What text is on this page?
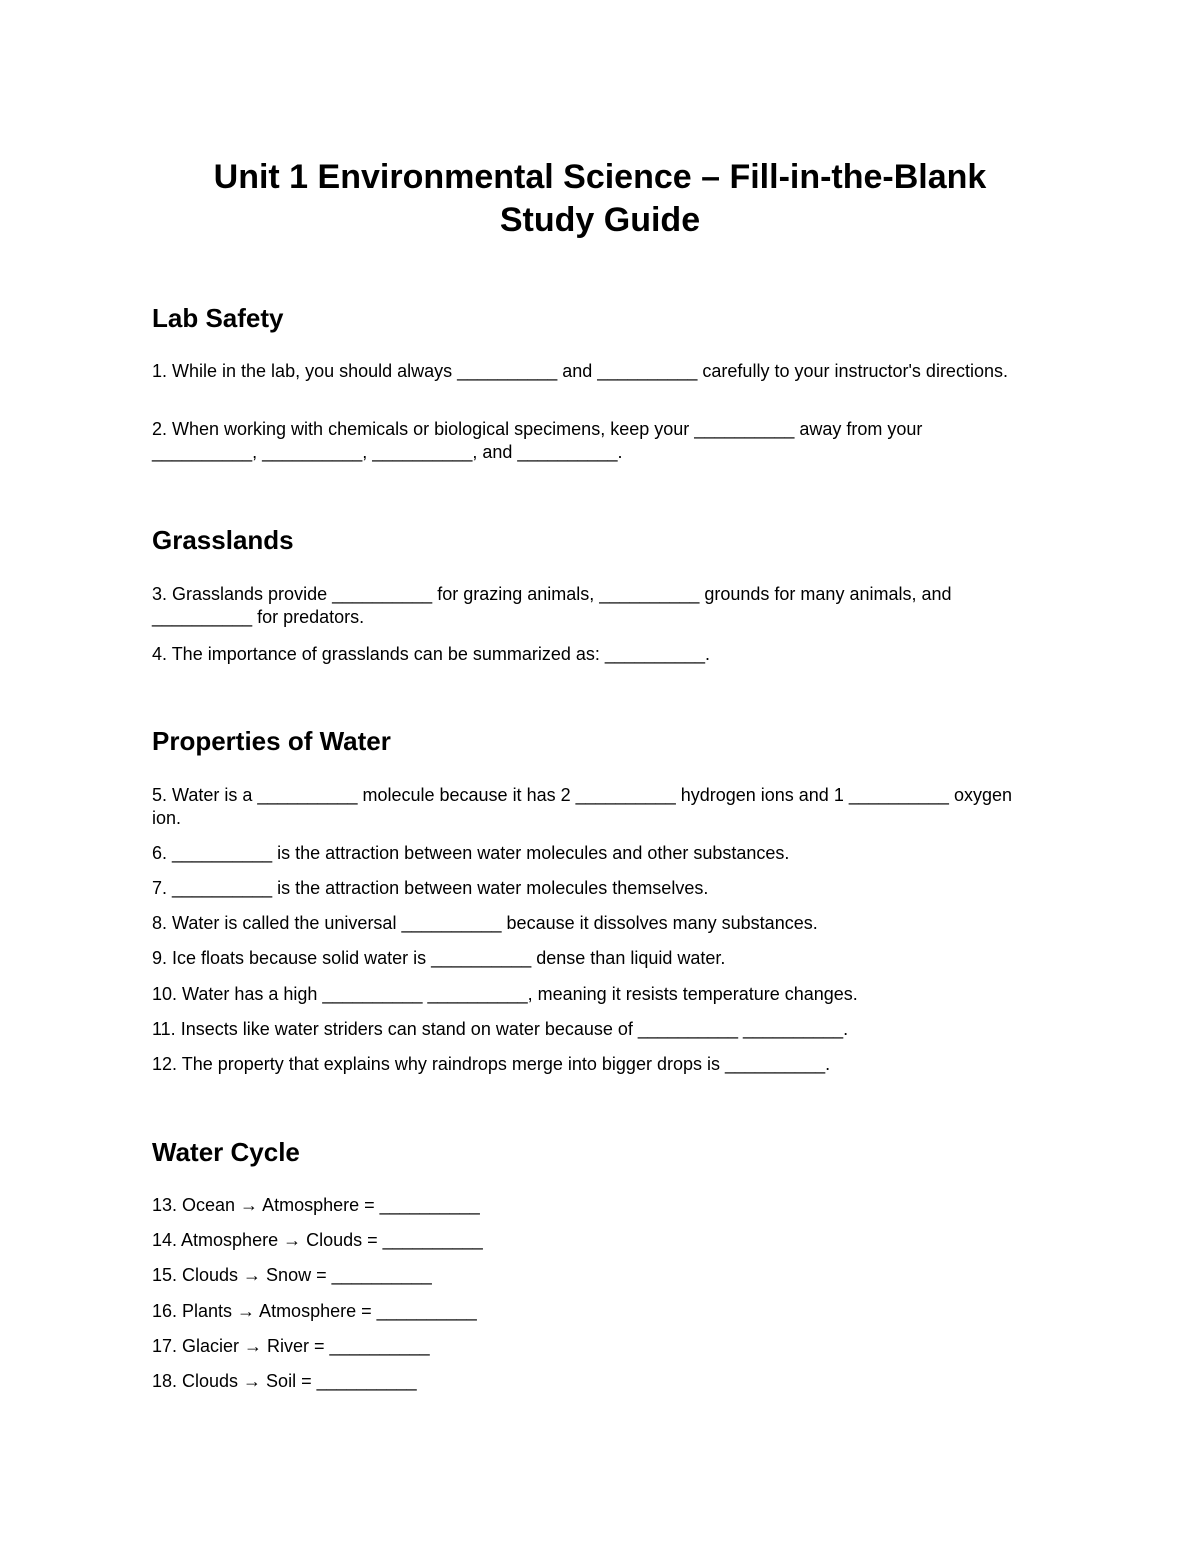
Unit 1 Environmental Science – Fill-in-the-Blank
Study Guide
Lab Safety

1. While in the lab, you should always __________ and __________ carefully to your instructor's directions.

2. When working with chemicals or biological specimens, keep your __________ away from your __________, __________, __________, and __________.

Grasslands

3. Grasslands provide __________ for grazing animals, __________ grounds for many animals, and __________ for predators.

4. The importance of grasslands can be summarized as: __________.

Properties of Water

5. Water is a __________ molecule because it has 2 __________ hydrogen ions and 1 __________ oxygen ion.

6. __________ is the attraction between water molecules and other substances.

7. __________ is the attraction between water molecules themselves.

8. Water is called the universal __________ because it dissolves many substances.

9. Ice floats because solid water is __________ dense than liquid water.

10. Water has a high __________ __________, meaning it resists temperature changes.

11. Insects like water striders can stand on water because of __________ __________.

12. The property that explains why raindrops merge into bigger drops is __________.

Water Cycle

13. Ocean → Atmosphere = __________

14. Atmosphere → Clouds = __________

15. Clouds → Snow = __________

16. Plants → Atmosphere = __________

17. Glacier → River = __________

18. Clouds → Soil = __________
